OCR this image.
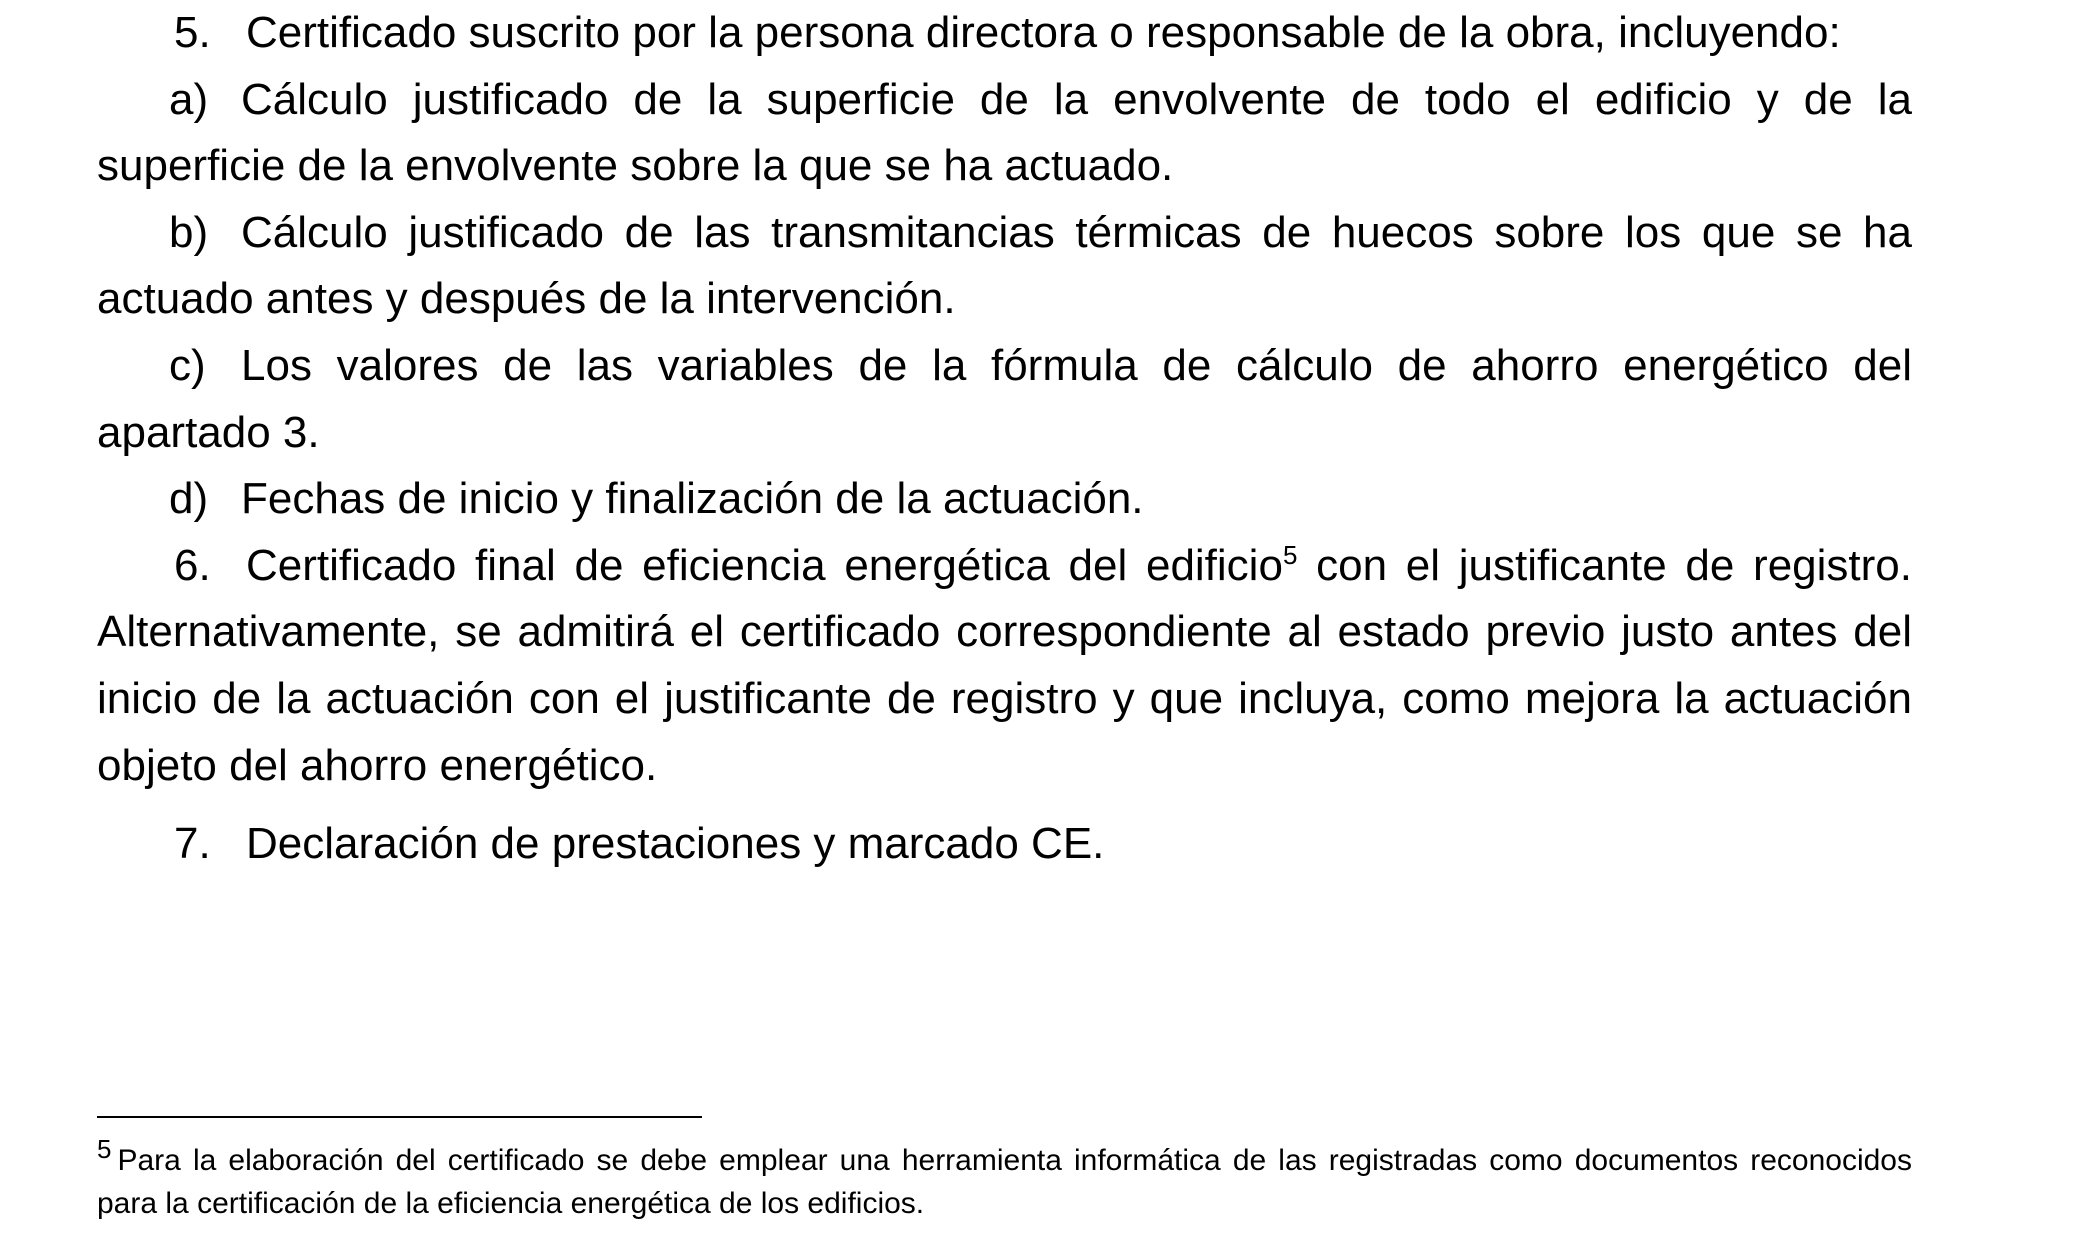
5. Certificado suscrito por la persona directora o responsable de la obra, incluyendo:

a) Cálculo justificado de la superficie de la envolvente de todo el edificio y de la superficie de la envolvente sobre la que se ha actuado.

b) Cálculo justificado de las transmitancias térmicas de huecos sobre los que se ha actuado antes y después de la intervención.

c) Los valores de las variables de la fórmula de cálculo de ahorro energético del apartado 3.

d) Fechas de inicio y finalización de la actuación.

6. Certificado final de eficiencia energética del edificio$^5$ con el justificante de registro. Alternativamente, se admitirá el certificado correspondiente al estado previo justo antes del inicio de la actuación con el justificante de registro y que incluya, como mejora la actuación objeto del ahorro energético.

7. Declaración de prestaciones y marcado CE.

5 Para la elaboración del certificado se debe emplear una herramienta informática de las registradas como documentos reconocidos para la certificación de la eficiencia energética de los edificios.
